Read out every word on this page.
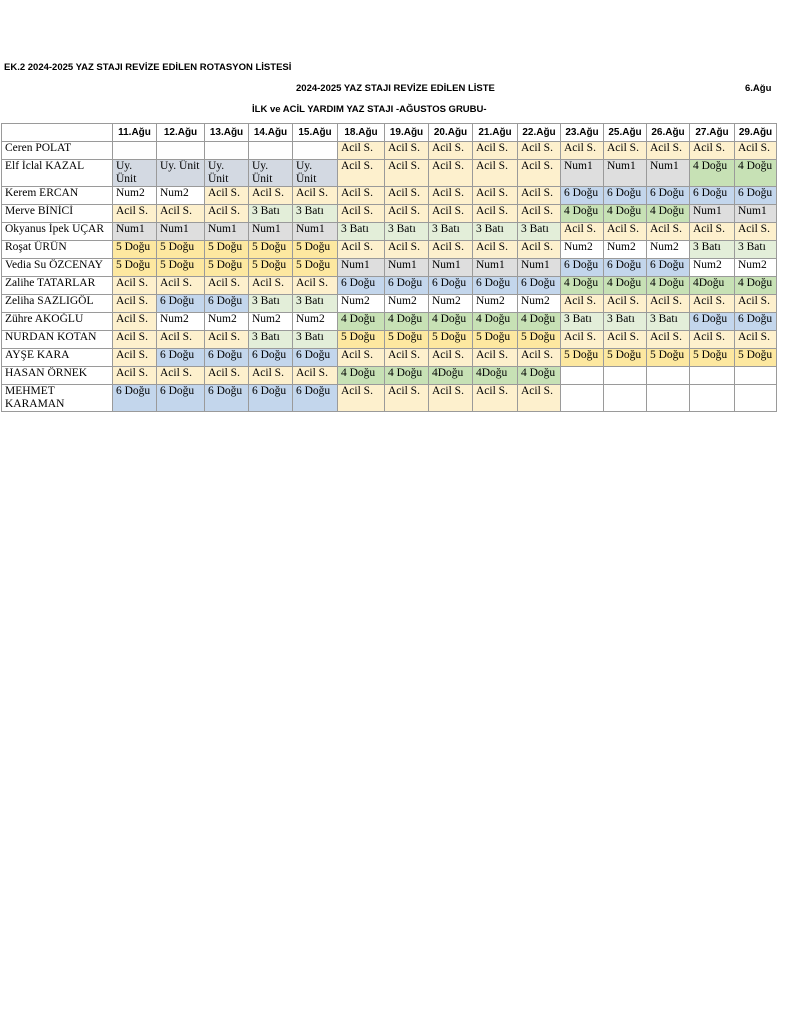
EK.2 2024-2025 YAZ STAJI REVİZE EDİLEN ROTASYON LİSTESİ
2024-2025 YAZ STAJI REVİZE EDİLEN LİSTE	6.Ağu
İLK ve ACİL YARDIM YAZ STAJI -AĞUSTOS GRUBU-
	11.Ağu	12.Ağu	13.Ağu	14.Ağu	15.Ağu	18.Ağu	19.Ağu	20.Ağu	21.Ağu	22.Ağu	23.Ağu	25.Ağu	26.Ağu	27.Ağu	29.Ağu
Ceren POLAT						Acil S.	Acil S.	Acil S.	Acil S.	Acil S.	Acil S.	Acil S.	Acil S.	Acil S.	Acil S.
Elf İclal KAZAL	Uy. Ünit	Uy. Ünit	Uy. Ünit	Uy. Ünit	Uy. Ünit	Acil S.	Acil S.	Acil S.	Acil S.	Acil S.	Num1	Num1	Num1	4 Doğu	4 Doğu
Kerem ERCAN	Num2	Num2	Acil S.	Acil S.	Acil S.	Acil S.	Acil S.	Acil S.	Acil S.	Acil S.	6 Doğu	6 Doğu	6 Doğu	6 Doğu	6 Doğu
Merve BİNİCİ	Acil S.	Acil S.	Acil S.	3 Batı	3 Batı	Acil S.	Acil S.	Acil S.	Acil S.	Acil S.	4 Doğu	4 Doğu	4 Doğu	Num1	Num1
Okyanus İpek UÇAR	Num1	Num1	Num1	Num1	Num1	3 Batı	3 Batı	3 Batı	3 Batı	3 Batı	Acil S.	Acil S.	Acil S.	Acil S.	Acil S.
Roşat ÜRÜN	5 Doğu	5 Doğu	5 Doğu	5 Doğu	5 Doğu	Acil S.	Acil S.	Acil S.	Acil S.	Acil S.	Num2	Num2	Num2	3 Batı	3 Batı
Vedia Su ÖZCENAY	5 Doğu	5 Doğu	5 Doğu	5 Doğu	5 Doğu	Num1	Num1	Num1	Num1	Num1	6 Doğu	6 Doğu	6 Doğu	Num2	Num2
Zalihe TATARLAR	Acil S.	Acil S.	Acil S.	Acil S.	Acil S.	6 Doğu	6 Doğu	6 Doğu	6 Doğu	6 Doğu	4 Doğu	4 Doğu	4 Doğu	4Doğu	4 Doğu
Zeliha SAZLIGÖL	Acil S.	6 Doğu	6 Doğu	3 Batı	3 Batı	Num2	Num2	Num2	Num2	Num2	Acil S.	Acil S.	Acil S.	Acil S.	Acil S.
Zühre AKOĞLU	Acil S.	Num2	Num2	Num2	Num2	4 Doğu	4 Doğu	4 Doğu	4 Doğu	4 Doğu	3 Batı	3 Batı	3 Batı	6 Doğu	6 Doğu
NURDAN KOTAN	Acil S.	Acil S.	Acil S.	3 Batı	3 Batı	5 Doğu	5 Doğu	5 Doğu	5 Doğu	5 Doğu	Acil S.	Acil S.	Acil S.	Acil S.	Acil S.
AYŞE KARA	Acil S.	6 Doğu	6 Doğu	6 Doğu	6 Doğu	Acil S.	Acil S.	Acil S.	Acil S.	Acil S.	5 Doğu	5 Doğu	5 Doğu	5 Doğu	5 Doğu
HASAN ÖRNEK	Acil S.	Acil S.	Acil S.	Acil S.	Acil S.	4 Doğu	4 Doğu	4Doğu	4Doğu	4 Doğu					
MEHMET KARAMAN	6 Doğu	6 Doğu	6 Doğu	6 Doğu	6 Doğu	Acil S.	Acil S.	Acil S.	Acil S.	Acil S.					
